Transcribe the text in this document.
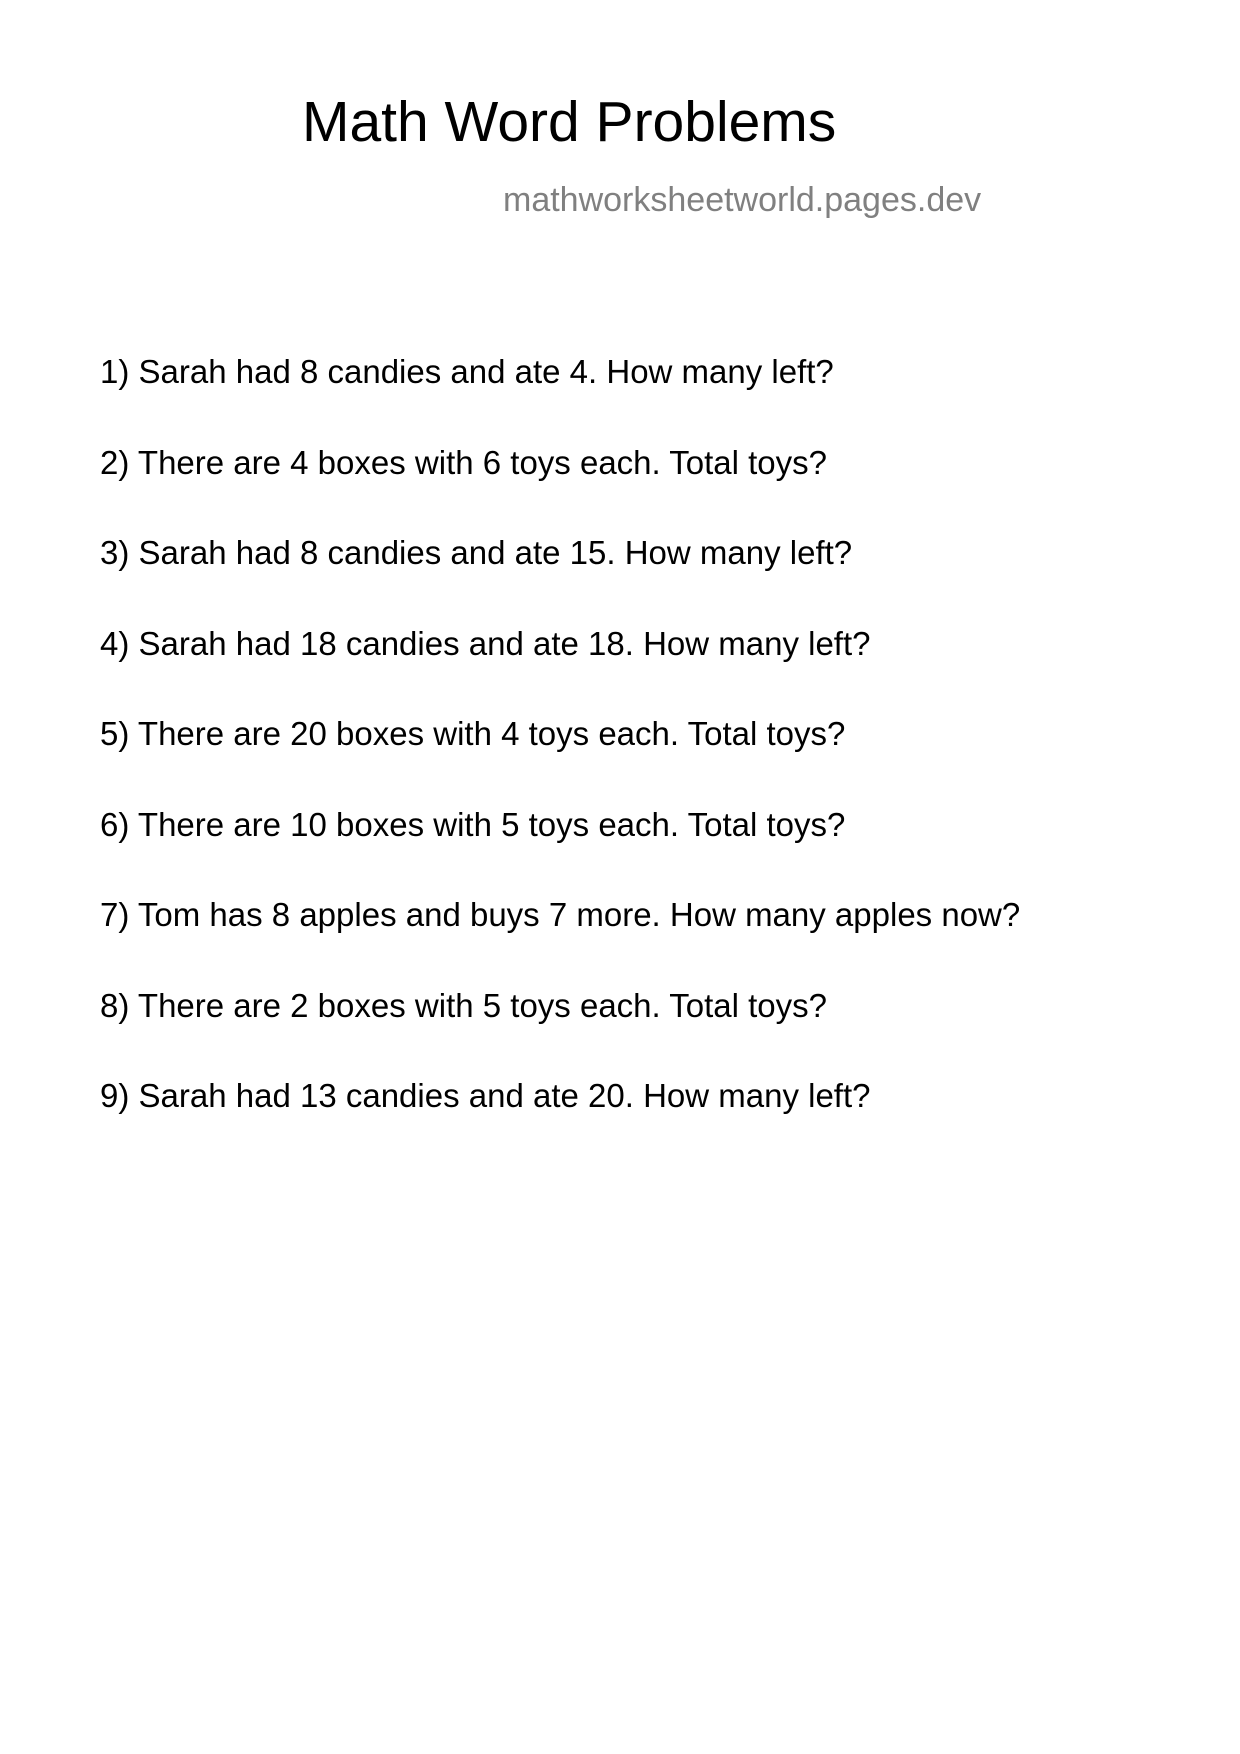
Math Word Problems
mathworksheetworld.pages.dev
1) Sarah had 8 candies and ate 4. How many left?
2) There are 4 boxes with 6 toys each. Total toys?
3) Sarah had 8 candies and ate 15. How many left?
4) Sarah had 18 candies and ate 18. How many left?
5) There are 20 boxes with 4 toys each. Total toys?
6) There are 10 boxes with 5 toys each. Total toys?
7) Tom has 8 apples and buys 7 more. How many apples now?
8) There are 2 boxes with 5 toys each. Total toys?
9) Sarah had 13 candies and ate 20. How many left?
